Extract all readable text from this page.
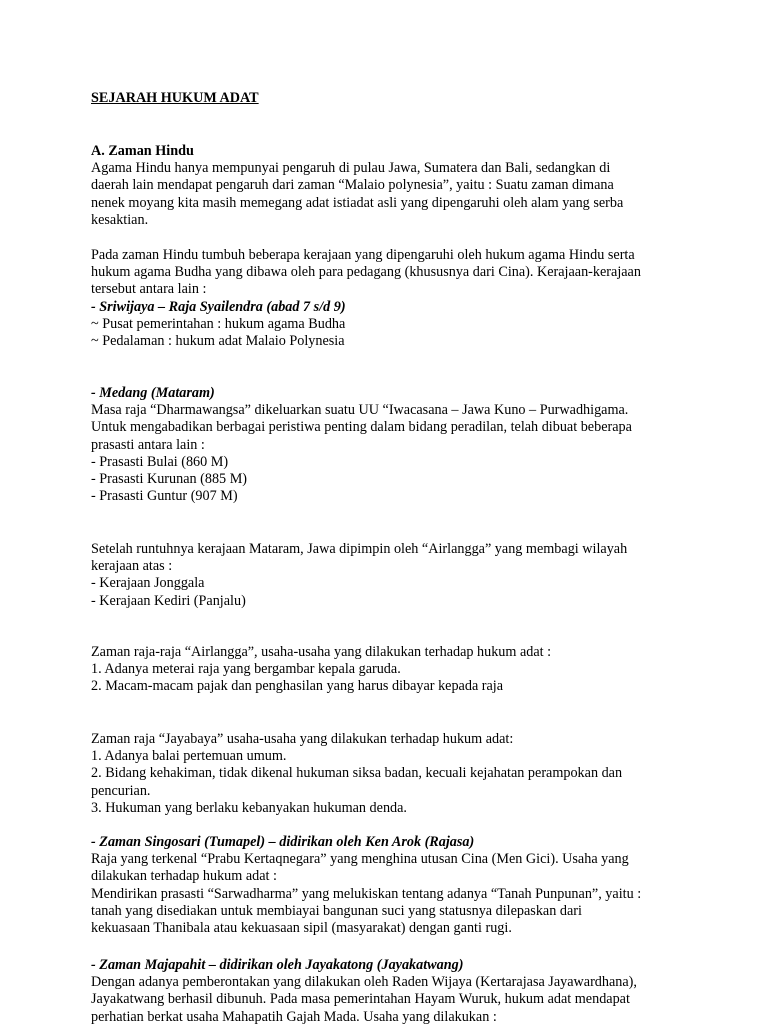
SEJARAH HUKUM ADAT
A. Zaman Hindu
Agama Hindu hanya mempunyai pengaruh di pulau Jawa, Sumatera dan Bali, sedangkan di
daerah lain mendapat pengaruh dari zaman “Malaio polynesia”, yaitu : Suatu zaman dimana
nenek moyang kita masih memegang adat istiadat asli yang dipengaruhi oleh alam yang serba
kesaktian.
Pada zaman Hindu tumbuh beberapa kerajaan yang dipengaruhi oleh hukum agama Hindu serta
hukum agama Budha yang dibawa oleh para pedagang (khususnya dari Cina). Kerajaan-kerajaan
tersebut antara lain :
- Sriwijaya – Raja Syailendra (abad 7 s/d 9)
~ Pusat pemerintahan : hukum agama Budha
~ Pedalaman : hukum adat Malaio Polynesia
- Medang (Mataram)
Masa raja “Dharmawangsa” dikeluarkan suatu UU “Iwacasana – Jawa Kuno – Purwadhigama.
Untuk mengabadikan berbagai peristiwa penting dalam bidang peradilan, telah dibuat beberapa
prasasti antara lain :
- Prasasti Bulai (860 M)
- Prasasti Kurunan (885 M)
- Prasasti Guntur (907 M)
Setelah runtuhnya kerajaan Mataram, Jawa dipimpin oleh “Airlangga” yang membagi wilayah
kerajaan atas :
- Kerajaan Jonggala
- Kerajaan Kediri (Panjalu)
Zaman raja-raja “Airlangga”, usaha-usaha yang dilakukan terhadap hukum adat :
1. Adanya meterai raja yang bergambar kepala garuda.
2. Macam-macam pajak dan penghasilan yang harus dibayar kepada raja
Zaman raja “Jayabaya” usaha-usaha yang dilakukan terhadap hukum adat:
1. Adanya balai pertemuan umum.
2. Bidang kehakiman, tidak dikenal hukuman siksa badan, kecuali kejahatan perampokan dan
pencurian.
3. Hukuman yang berlaku kebanyakan hukuman denda.
- Zaman Singosari (Tumapel) – didirikan oleh Ken Arok (Rajasa)
Raja yang terkenal “Prabu Kertaqnegara” yang menghina utusan Cina (Men Gici). Usaha yang
dilakukan terhadap hukum adat :
Mendirikan prasasti “Sarwadharma” yang melukiskan tentang adanya “Tanah Punpunan”, yaitu :
tanah yang disediakan untuk membiayai bangunan suci yang statusnya dilepaskan dari
kekuasaan Thanibala atau kekuasaan sipil (masyarakat) dengan ganti rugi.
- Zaman Majapahit – didirikan oleh Jayakatong (Jayakatwang)
Dengan adanya pemberontakan yang dilakukan oleh Raden Wijaya (Kertarajasa Jayawardhana),
Jayakatwang berhasil dibunuh. Pada masa pemerintahan Hayam Wuruk, hukum adat mendapat
perhatian berkat usaha Mahapatih Gajah Mada. Usaha yang dilakukan :
